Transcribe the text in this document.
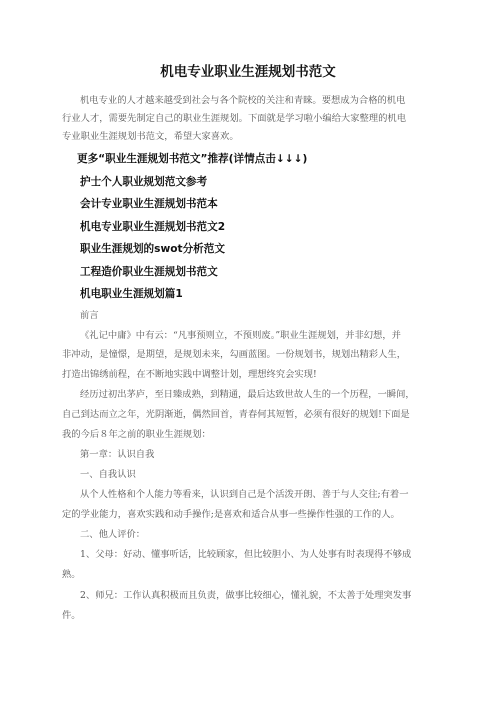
机电专业职业生涯规划书范文
机电专业的人才越来越受到社会与各个院校的关注和青睐。要想成为合格的机电
行业人才，需要先制定自己的职业生涯规划。下面就是学习啦小编给大家整理的机电
专业职业生涯规划书范文，希望大家喜欢。
更多“职业生涯规划书范文”推荐(详情点击↓↓↓)
护士个人职业规划范文参考
会计专业职业生涯规划书范本
机电专业职业生涯规划书范文2
职业生涯规划的swot分析范文
工程造价职业生涯规划书范文
机电职业生涯规划篇1
前言
《礼记中庸》中有云：“凡事预则立，不预则废。”职业生涯规划，并非幻想，并
非冲动，是憧憬，是期望，是规划未来，勾画蓝图。一份规划书，规划出精彩人生，
打造出锦绣前程，在不断地实践中调整计划，理想终究会实现!
经历过初出茅庐，至日臻成熟，到精通，最后达致世故人生的一个历程，一瞬间，
自己到达而立之年，光阴渐逝，偶然回首，青春何其短暂，必须有很好的规划!下面是
我的今后８年之前的职业生涯规划：
第一章：认识自我
一、自我认识
从个人性格和个人能力等看来，认识到自己是个活泼开朗、善于与人交往;有着一
定的学业能力，喜欢实践和动手操作;是喜欢和适合从事一些操作性强的工作的人。
二、他人评价：
1、父母：好动、懂事听话，比较顾家，但比较胆小、为人处事有时表现得不够成
熟。
2、师兄：工作认真积极而且负责，做事比较细心，懂礼貌，不太善于处理突发事
件。
